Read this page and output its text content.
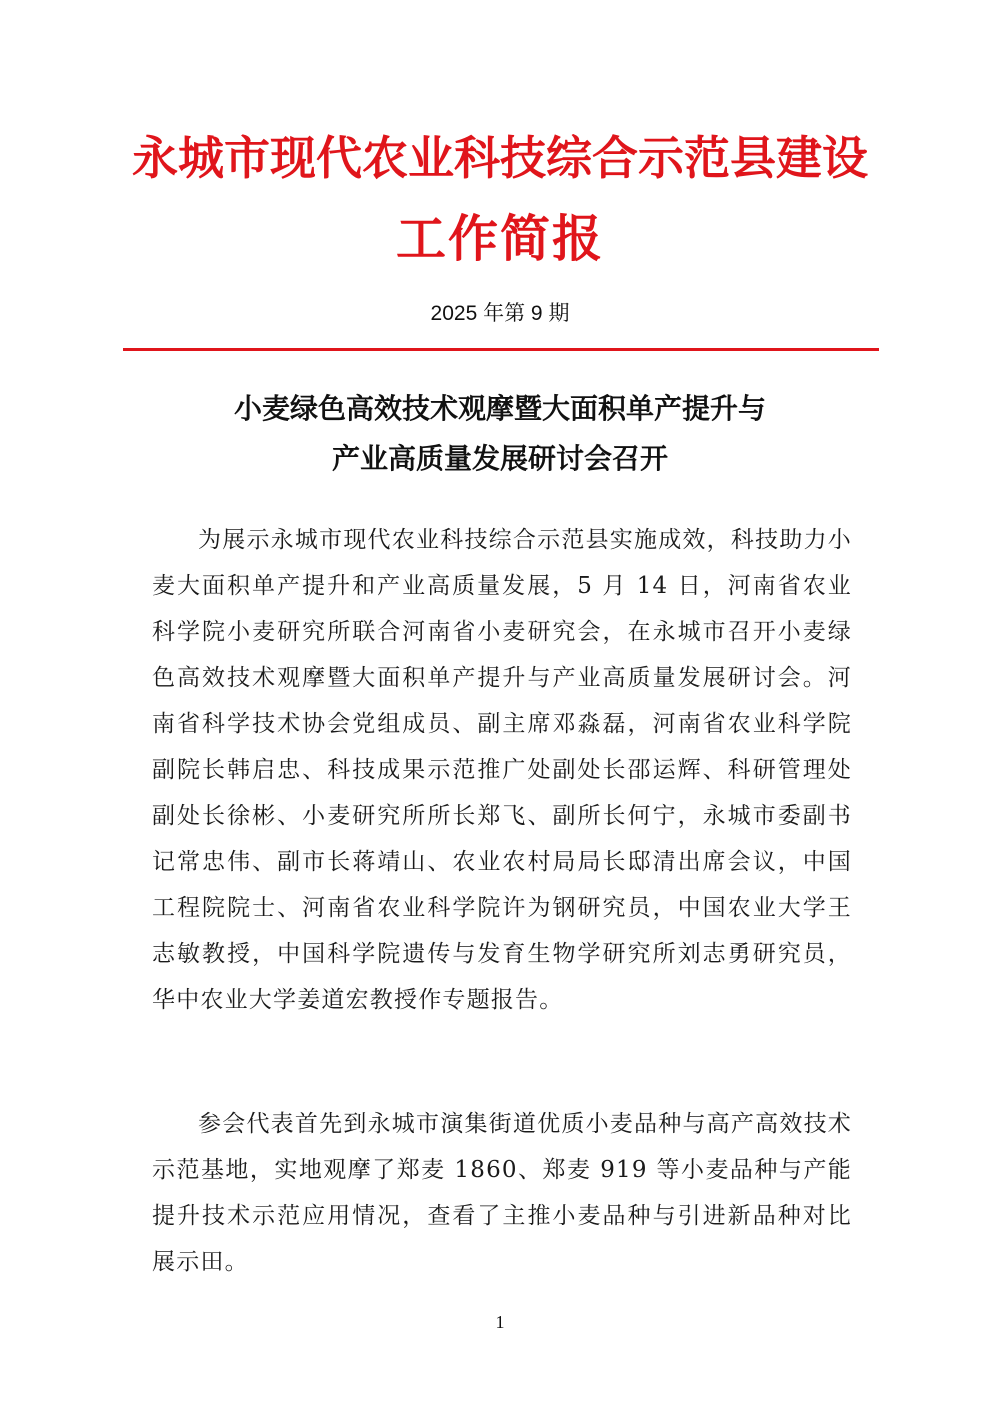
永城市现代农业科技综合示范县建设
工作简报
2025 年第 9 期
小麦绿色高效技术观摩暨大面积单产提升与
产业高质量发展研讨会召开

为展示永城市现代农业科技综合示范县实施成效，科技助力小麦大面积单产提升和产业高质量发展，5 月 14 日，河南省农业科学院小麦研究所联合河南省小麦研究会，在永城市召开小麦绿色高效技术观摩暨大面积单产提升与产业高质量发展研讨会。河南省科学技术协会党组成员、副主席邓淼磊，河南省农业科学院副院长韩启忠、科技成果示范推广处副处长邵运辉、科研管理处副处长徐彬、小麦研究所所长郑飞、副所长何宁，永城市委副书记常忠伟、副市长蒋靖山、农业农村局局长邸清出席会议，中国工程院院士、河南省农业科学院许为钢研究员，中国农业大学王志敏教授，中国科学院遗传与发育生物学研究所刘志勇研究员，华中农业大学姜道宏教授作专题报告。

参会代表首先到永城市演集街道优质小麦品种与高产高效技术示范基地，实地观摩了郑麦 1860、郑麦 919 等小麦品种与产能提升技术示范应用情况，查看了主推小麦品种与引进新品种对比展示田。

1
